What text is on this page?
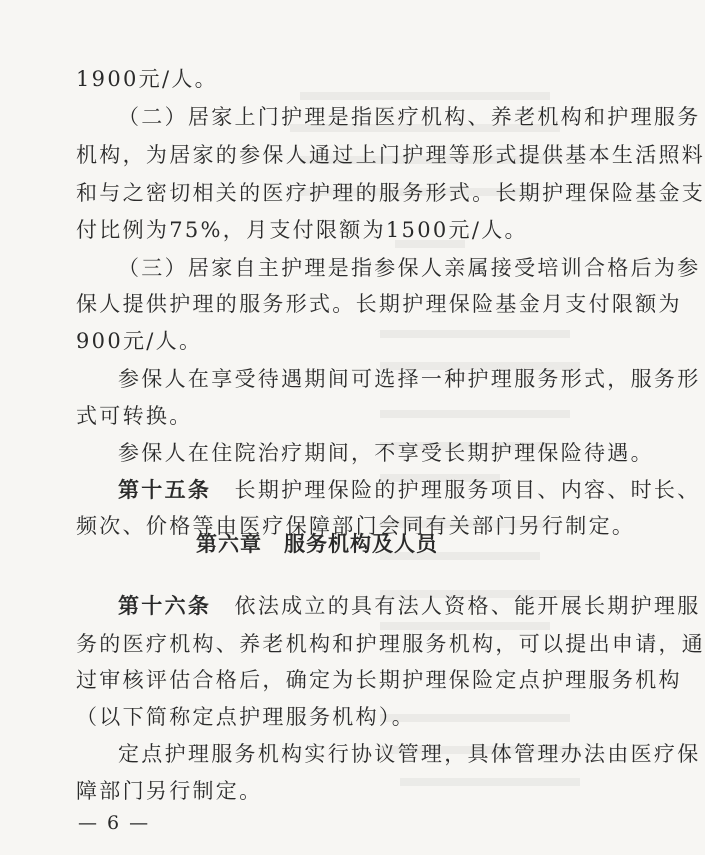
1900元/人。
（二）居家上门护理是指医疗机构、养老机构和护理服务
机构，为居家的参保人通过上门护理等形式提供基本生活照料
和与之密切相关的医疗护理的服务形式。长期护理保险基金支
付比例为75%，月支付限额为1500元/人。
（三）居家自主护理是指参保人亲属接受培训合格后为参
保人提供护理的服务形式。长期护理保险基金月支付限额为
900元/人。
参保人在享受待遇期间可选择一种护理服务形式，服务形
式可转换。
参保人在住院治疗期间，不享受长期护理保险待遇。
第十五条　 长期护理保险的护理服务项目、内容、时长、
频次、价格等由医疗保障部门会同有关部门另行制定。
第六章　服务机构及人员
第十六条　 依法成立的具有法人资格、能开展长期护理服
务的医疗机构、养老机构和护理服务机构，可以提出申请，通
过审核评估合格后，确定为长期护理保险定点护理服务机构
（以下简称定点护理服务机构）。
定点护理服务机构实行协议管理，具体管理办法由医疗保
障部门另行制定。
— 6 —
